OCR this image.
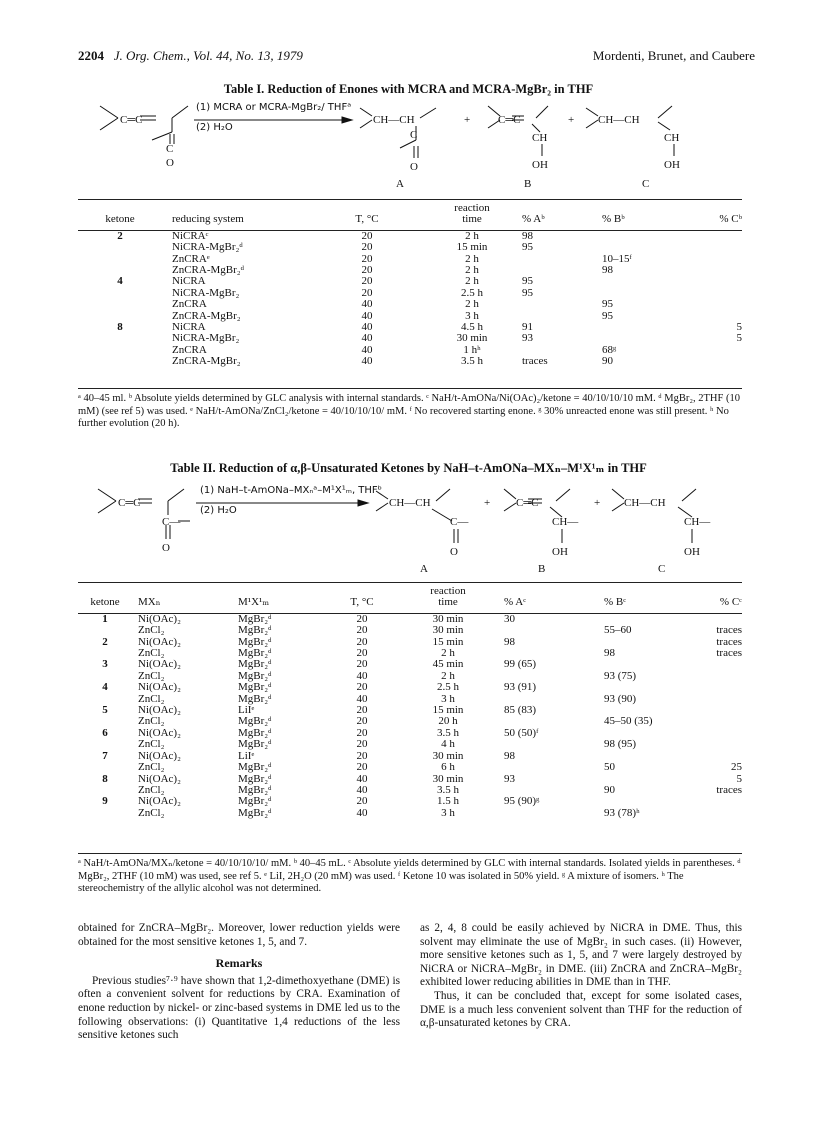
2204 J. Org. Chem., Vol. 44, No. 13, 1979	Mordenti, Brunet, and Caubere
Table I. Reduction of Enones with MCRA and MCRA-MgBr₂ in THF
C═C
C
O
CH—CH
C
O
+	C═C
CH
OH
+ CH—CH
CH
OH
(1) MCRA or MCRA-MgBr₂/ THFᵃ
(2) H₂O
A	B	C
			reaction			
ketone	reducing system	T, °C	time	% Aᵇ	% Bᵇ	% Cᵇ

2	NiCRAᶜ	20	2 h	98		
	NiCRA-MgBr₂ᵈ	20	15 min	95		
	ZnCRAᵉ	20	2 h		10–15ᶠ	
	ZnCRA-MgBr₂ᵈ	20	2 h		98	
4	NiCRA	20	2 h	95		
	NiCRA-MgBr₂	20	2.5 h	95		
	ZnCRA	40	2 h		95	
	ZnCRA-MgBr₂	40	3 h		95	
8	NiCRA	40	4.5 h	91		5
	NiCRA-MgBr₂	40	30 min	93		5
	ZnCRA	40	1 hʰ		68ᵍ	
	ZnCRA-MgBr₂	40	3.5 h	traces	90	
ᵃ 40–45 ml. ᵇ Absolute yields determined by GLC analysis with internal standards. ᶜ NaH/t-AmONa/Ni(OAc)₂/ketone = 40/10/10/10 mM. ᵈ MgBr₂, 2THF (10 mM) (see ref 5) was used. ᵉ NaH/t-AmONa/ZnCl₂/ketone = 40/10/10/10/ mM. ᶠ No recovered starting enone. ᵍ 30% unreacted enone was still present. ʰ No further evolution (20 h).
Table II. Reduction of α,β-Unsaturated Ketones by NaH–t-AmONa–MXₙ–M¹X¹ₘ in THF
C═C
C—
O
CH—CH
C—
O
+ C═C
CH—
OH
+ CH—CH
CH—
OH
(1) NaH–t-AmONa–MXₙᵃ–M¹X¹ₘ, THFᵇ
(2) H₂O
A	B	C
				reaction			
ketone	MXₙ	M¹X¹ₘ	T, °C	time	% Aᶜ	% Bᶜ	% Cᶜ

1	Ni(OAc)₂	MgBr₂ᵈ	20	30 min	30		
	ZnCl₂	MgBr₂ᵈ	20	30 min		55–60	traces
2	Ni(OAc)₂	MgBr₂ᵈ	20	15 min	98		traces
	ZnCl₂	MgBr₂ᵈ	20	2 h		98	traces
3	Ni(OAc)₂	MgBr₂ᵈ	20	45 min	99 (65)		
	ZnCl₂	MgBr₂ᵈ	40	2 h		93 (75)	
4	Ni(OAc)₂	MgBr₂ᵈ	20	2.5 h	93 (91)		
	ZnCl₂	MgBr₂ᵈ	40	3 h		93 (90)	
5	Ni(OAc)₂	LiIᵉ	20	15 min	85 (83)		
	ZnCl₂	MgBr₂ᵈ	20	20 h		45–50 (35)	
6	Ni(OAc)₂	MgBr₂ᵈ	20	3.5 h	50 (50)ᶠ		
	ZnCl₂	MgBr₂ᵈ	20	4 h		98 (95)	
7	Ni(OAc)₂	LiIᵉ	20	30 min	98		
	ZnCl₂	MgBr₂ᵈ	20	6 h		50	25
8	Ni(OAc)₂	MgBr₂ᵈ	40	30 min	93		5
	ZnCl₂	MgBr₂ᵈ	40	3.5 h		90	traces
9	Ni(OAc)₂	MgBr₂ᵈ	20	1.5 h	95 (90)ᵍ		
	ZnCl₂	MgBr₂ᵈ	40	3 h		93 (78)ʰ	
ᵃ NaH/t-AmONa/MXₙ/ketone = 40/10/10/10/ mM. ᵇ 40–45 mL. ᶜ Absolute yields determined by GLC with internal standards. Isolated yields in parentheses. ᵈ MgBr₂, 2THF (10 mM) was used, see ref 5. ᵉ LiI, 2H₂O (20 mM) was used. ᶠ Ketone 10 was isolated in 50% yield. ᵍ A mixture of isomers. ʰ The stereochemistry of the allylic alcohol was not determined.
obtained for ZnCRA–MgBr₂. Moreover, lower reduction yields were obtained for the most sensitive ketones 1, 5, and 7.
Remarks

Previous studies⁷·⁹ have shown that 1,2-dimethoxyethane (DME) is often a convenient solvent for reductions by CRA. Examination of enone reduction by nickel- or zinc-based systems in DME led us to the following observations: (i) Quantitative 1,4 reductions of the less sensitive ketones such

as 2, 4, 8 could be easily achieved by NiCRA in DME. Thus, this solvent may eliminate the use of MgBr₂ in such cases. (ii) However, more sensitive ketones such as 1, 5, and 7 were largely destroyed by NiCRA or NiCRA–MgBr₂ in DME. (iii) ZnCRA and ZnCRA–MgBr₂ exhibited lower reducing abilities in DME than in THF.

Thus, it can be concluded that, except for some isolated cases, DME is a much less convenient solvent than THF for the reduction of α,β-unsaturated ketones by CRA.
